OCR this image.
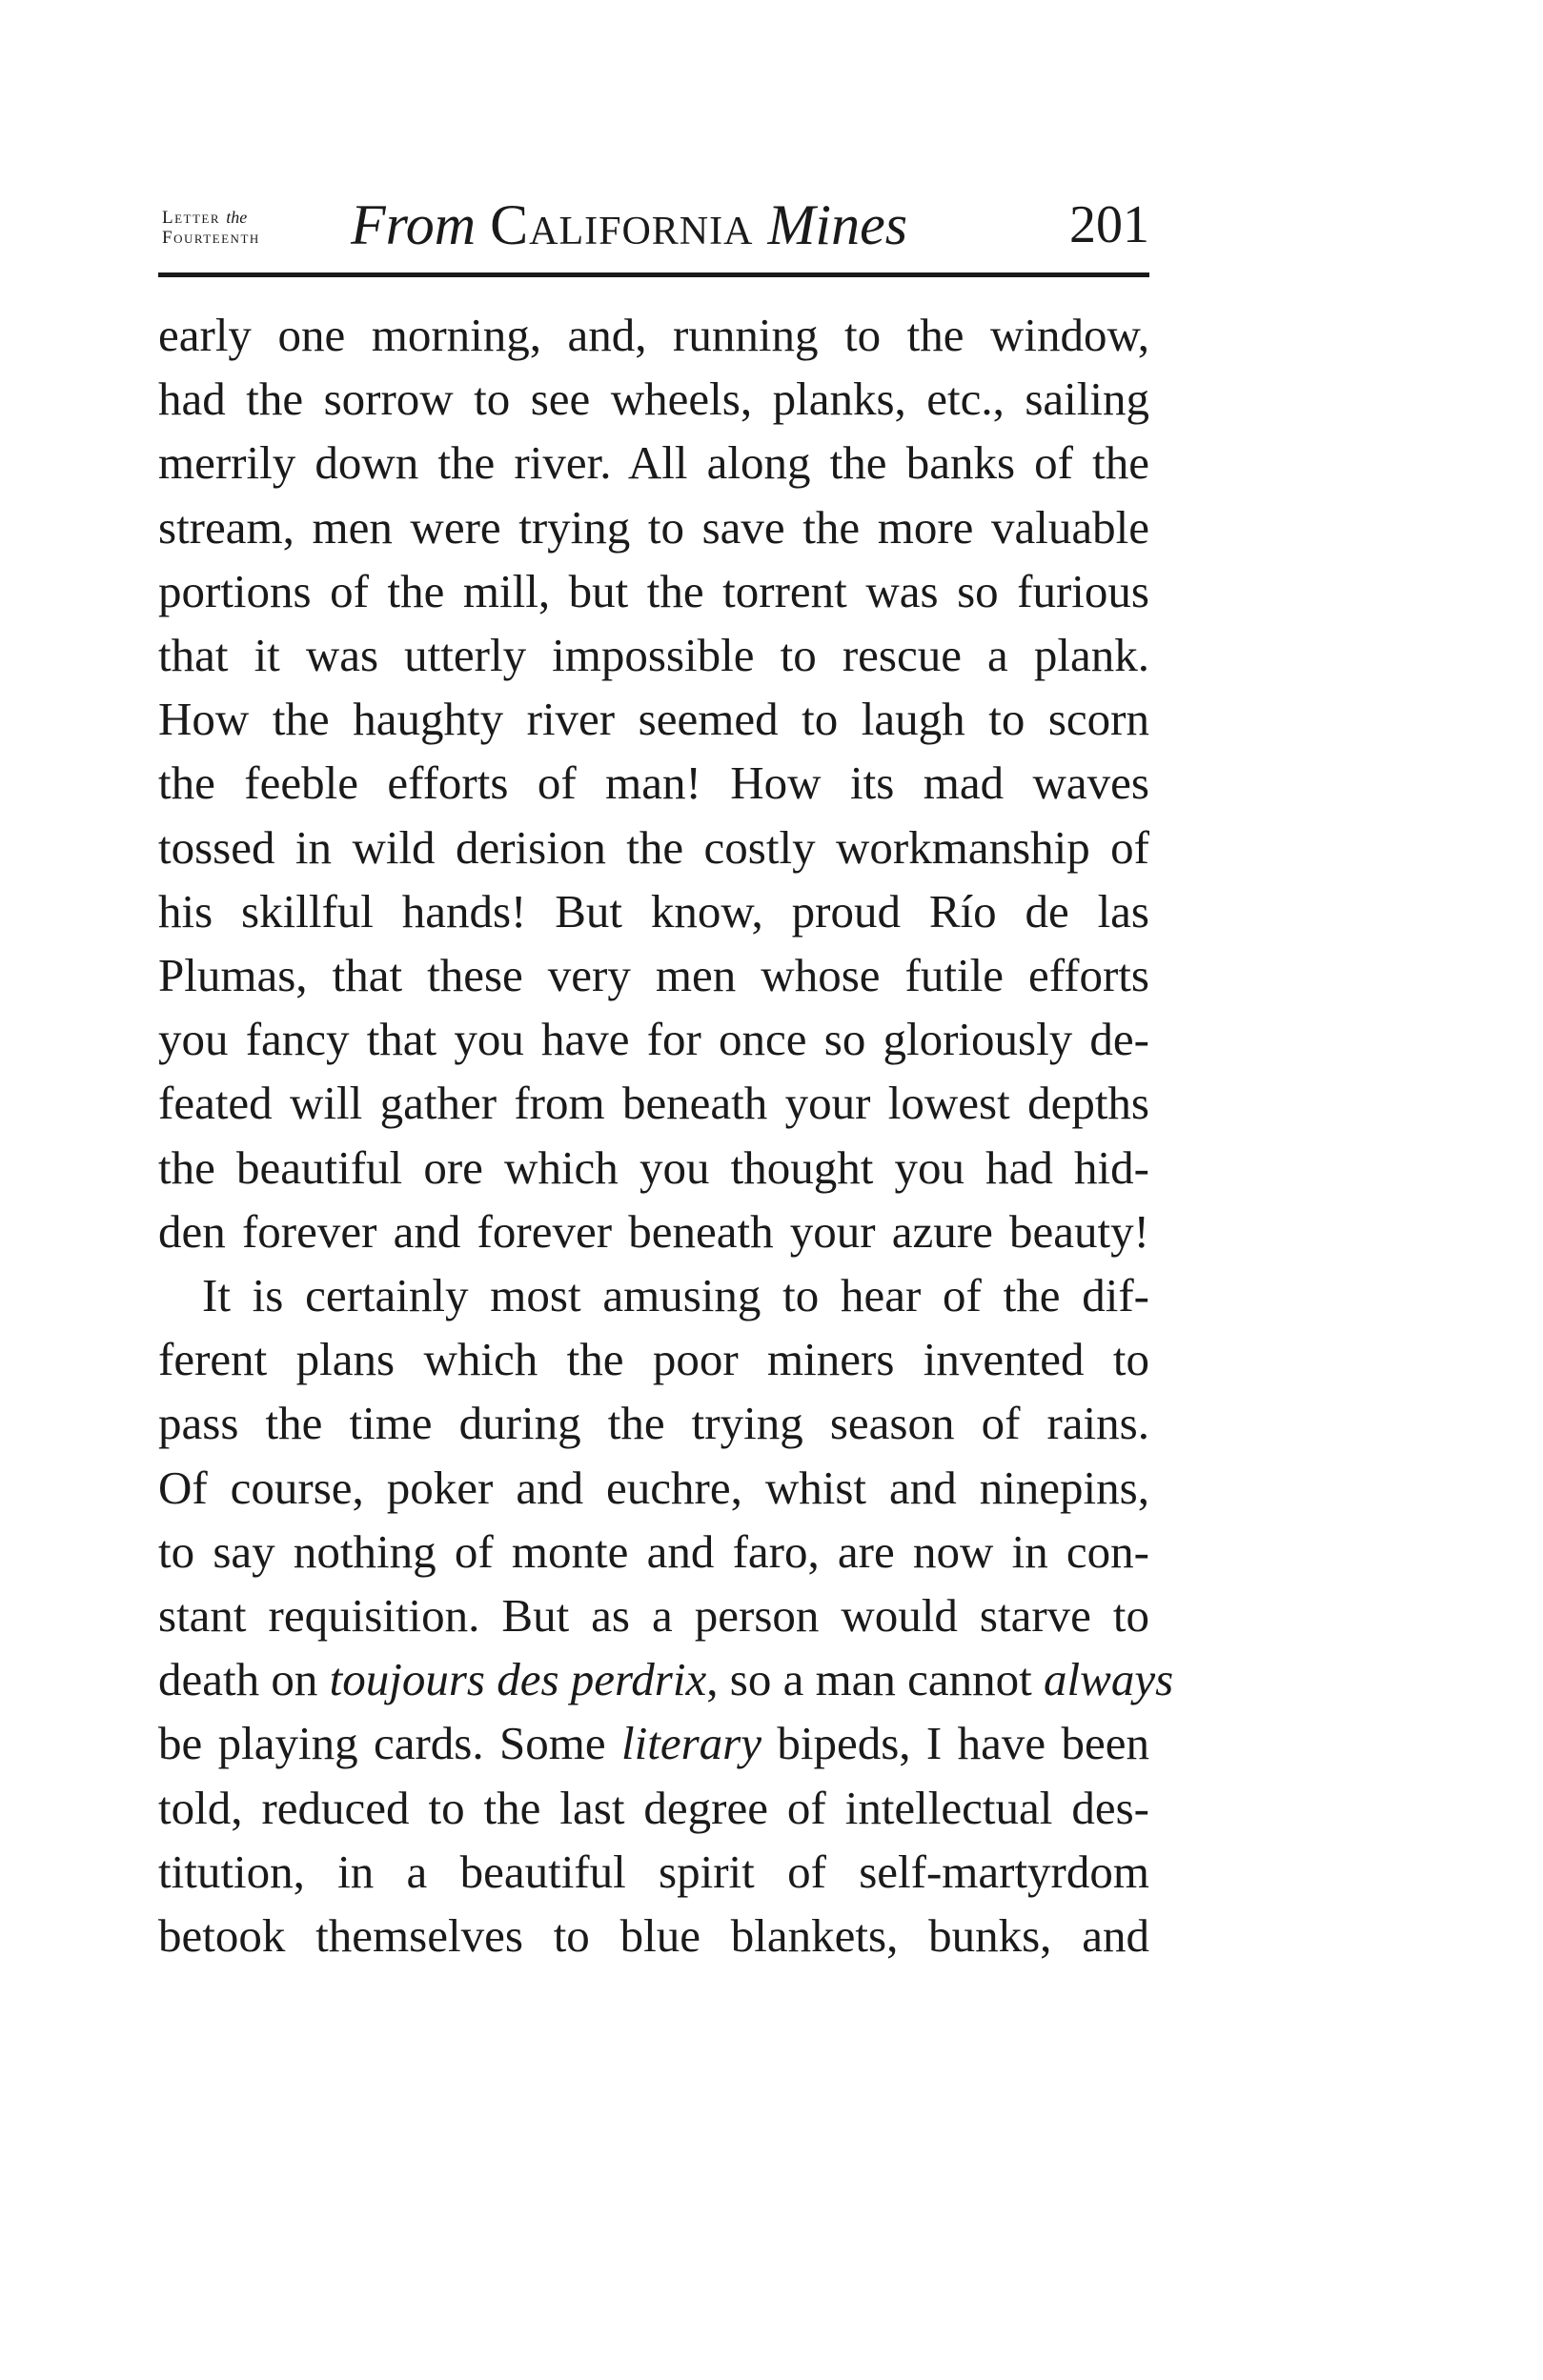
Letter the
Fourteenth From California Mines	201

early one morning, and, running to the window,
had the sorrow to see wheels, planks, etc., sailing
merrily down the river. All along the banks of the
stream, men were trying to save the more valuable
portions of the mill, but the torrent was so furious
that it was utterly impossible to rescue a plank.
How the haughty river seemed to laugh to scorn
the feeble efforts of man! How its mad waves
tossed in wild derision the costly workmanship of
his skillful hands! But know, proud Río de las
Plumas, that these very men whose futile efforts
you fancy that you have for once so gloriously de-
feated will gather from beneath your lowest depths
the beautiful ore which you thought you had hid-
den forever and forever beneath your azure beauty!

It is certainly most amusing to hear of the dif-
ferent plans which the poor miners invented to
pass the time during the trying season of rains.
Of course, poker and euchre, whist and ninepins,
to say nothing of monte and faro, are now in con-
stant requisition. But as a person would starve to
death on toujours des perdrix, so a man cannot always
be playing cards. Some literary bipeds, I have been
told, reduced to the last degree of intellectual des-
titution, in a beautiful spirit of self-martyrdom
betook themselves to blue blankets, bunks, and
